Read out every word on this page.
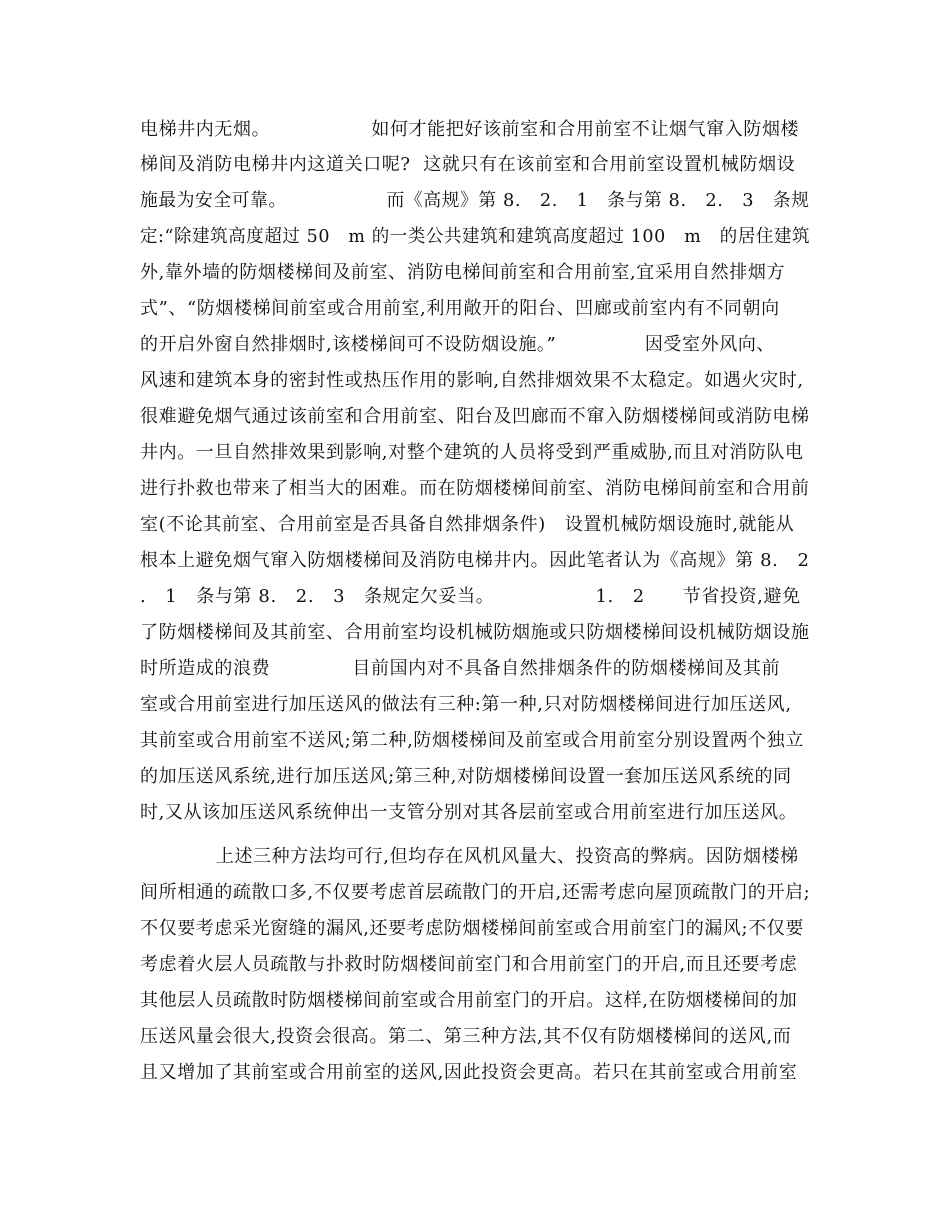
电梯井内无烟。                如何才能把好该前室和合用前室不让烟气窜入防烟楼
梯间及消防电梯井内这道关口呢?  这就只有在该前室和合用前室设置机械防烟设
施最为安全可靠。                而《高规》第 8.   2.   1   条与第 8.   2.   3   条规
定:“除建筑高度超过 50   m 的一类公共建筑和建筑高度超过 100   m   的居住建筑
外,靠外墙的防烟楼梯间及前室、消防电梯间前室和合用前室,宜采用自然排烟方
式”、“防烟楼梯间前室或合用前室,利用敞开的阳台、凹廊或前室内有不同朝向
的开启外窗自然排烟时,该楼梯间可不设防烟设施。”              因受室外风向、
风速和建筑本身的密封性或热压作用的影响,自然排烟效果不太稳定。如遇火灾时,
很难避免烟气通过该前室和合用前室、阳台及凹廊而不窜入防烟楼梯间或消防电梯
井内。一旦自然排效果到影响,对整个建筑的人员将受到严重威胁,而且对消防队电
进行扑救也带来了相当大的困难。而在防烟楼梯间前室、消防电梯间前室和合用前
室(不论其前室、合用前室是否具备自然排烟条件)   设置机械防烟设施时,就能从
根本上避免烟气窜入防烟楼梯间及消防电梯井内。因此笔者认为《高规》第 8.   2
.   1   条与第 8.   2.   3   条规定欠妥当。                1.   2      节省投资,避免
了防烟楼梯间及其前室、合用前室均设机械防烟施或只防烟楼梯间设机械防烟设施
时所造成的浪费             目前国内对不具备自然排烟条件的防烟楼梯间及其前
室或合用前室进行加压送风的做法有三种:第一种,只对防烟楼梯间进行加压送风,
其前室或合用前室不送风;第二种,防烟楼梯间及前室或合用前室分别设置两个独立
的加压送风系统,进行加压送风;第三种,对防烟楼梯间设置一套加压送风系统的同
时,又从该加压送风系统伸出一支管分别对其各层前室或合用前室进行加压送风。
上述三种方法均可行,但均存在风机风量大、投资高的弊病。因防烟楼梯
间所相通的疏散口多,不仅要考虑首层疏散门的开启,还需考虑向屋顶疏散门的开启;
不仅要考虑采光窗缝的漏风,还要考虑防烟楼梯间前室或合用前室门的漏风;不仅要
考虑着火层人员疏散与扑救时防烟楼间前室门和合用前室门的开启,而且还要考虑
其他层人员疏散时防烟楼梯间前室或合用前室门的开启。这样,在防烟楼梯间的加
压送风量会很大,投资会很高。第二、第三种方法,其不仅有防烟楼梯间的送风,而
且又增加了其前室或合用前室的送风,因此投资会更高。若只在其前室或合用前室
